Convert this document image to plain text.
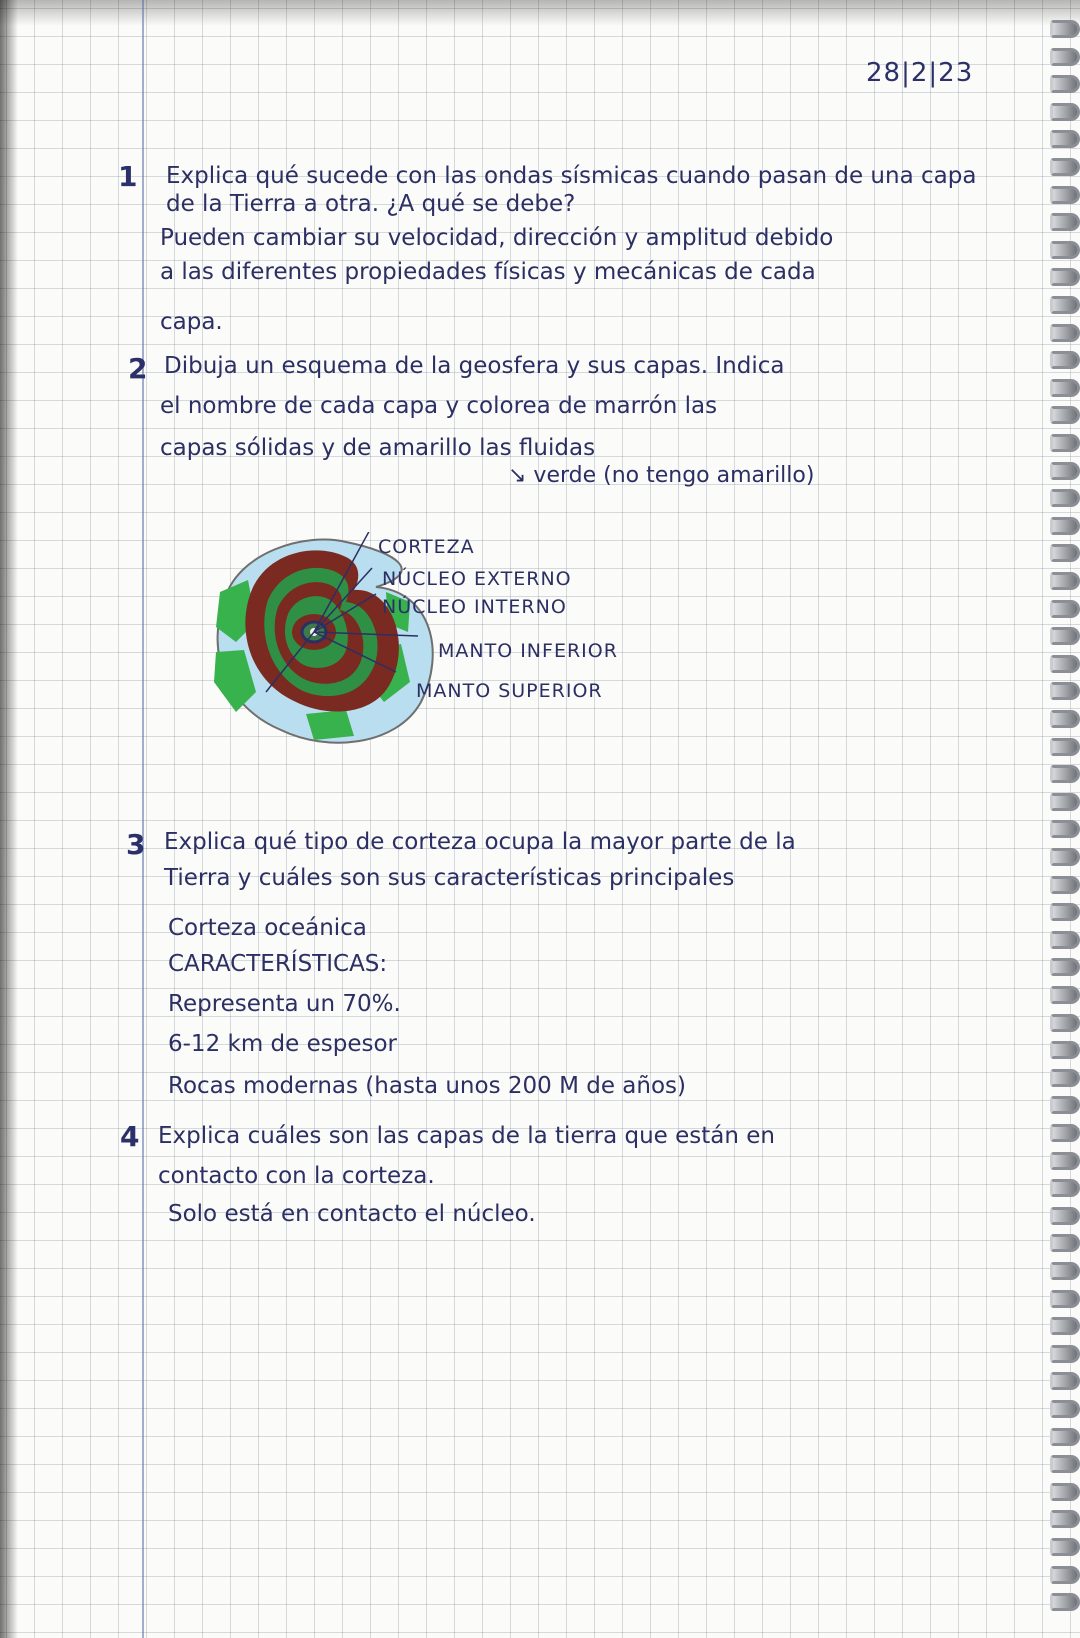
28|2|23
1 Explica qué sucede con las ondas sísmicas cuando pasan de una capa
de la Tierra a otra. ¿A qué se debe?
Pueden cambiar su velocidad, dirección y amplitud debido
a las diferentes propiedades físicas y mecánicas de cada
capa.
2 Dibuja un esquema de la geosfera y sus capas. Indica
el nombre de cada capa y colorea de marrón las
capas sólidas y de amarillo las fluidas
↘ verde (no tengo amarillo)
CORTEZA
NÚCLEO EXTERNO
NÚCLEO INTERNO
MANTO INFERIOR
MANTO SUPERIOR
3 Explica qué tipo de corteza ocupa la mayor parte de la
Tierra y cuáles son sus características principales
Corteza oceánica
CARACTERÍSTICAS:
Representa un 70%.
6-12 km de espesor
Rocas modernas (hasta unos 200 M de años)
4 Explica cuáles son las capas de la tierra que están en
contacto con la corteza.
Solo está en contacto el núcleo.
